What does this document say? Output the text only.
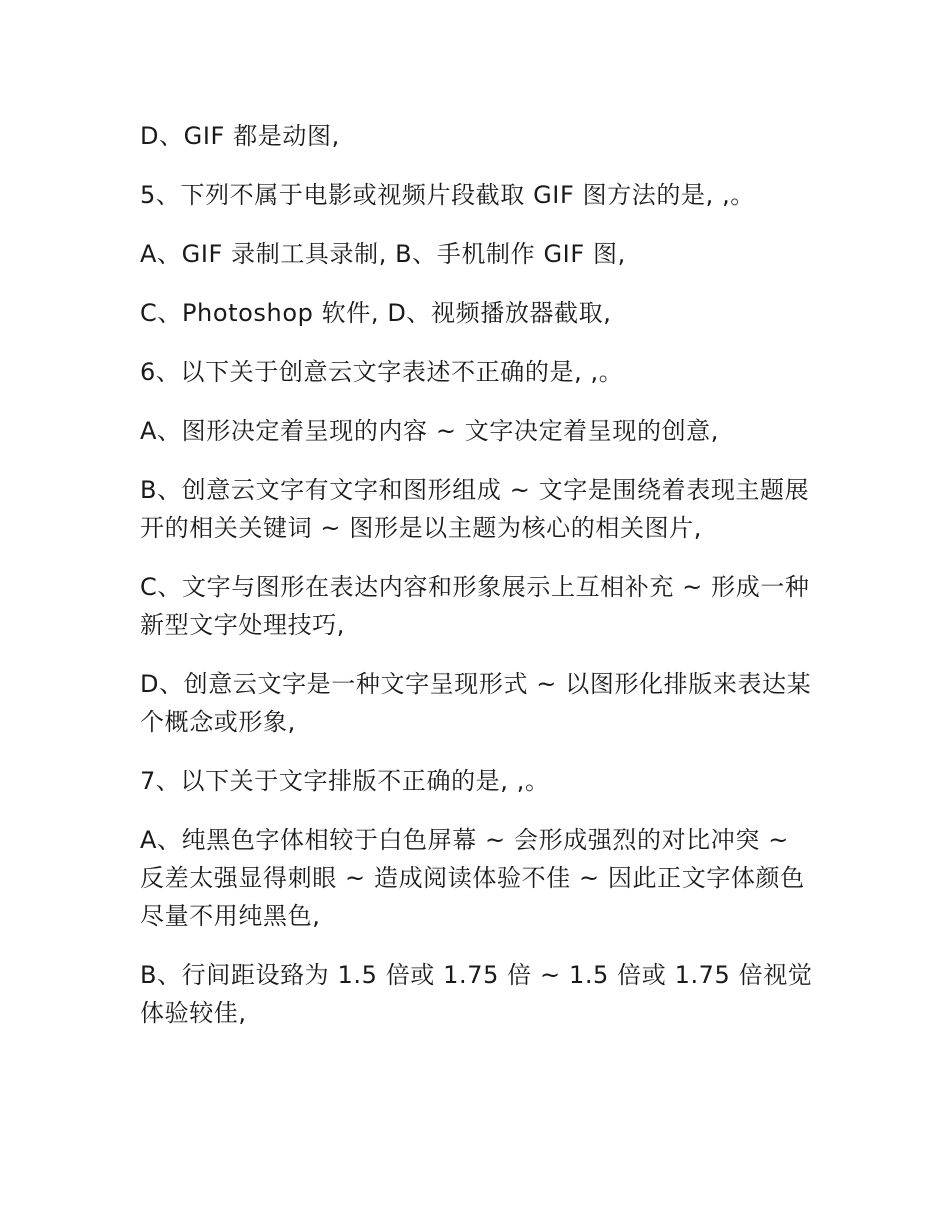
D、GIF 都是动图,

5、下列不属于电影或视频片段截取 GIF 图方法的是, ,。

A、GIF 录制工具录制, B、手机制作 GIF 图,

C、Photoshop 软件, D、视频播放器截取,

6、以下关于创意云文字表述不正确的是, ,。

A、图形决定着呈现的内容 ~ 文字决定着呈现的创意,

B、创意云文字有文字和图形组成 ~ 文字是围绕着表现主题展开的相关关键词 ~ 图形是以主题为核心的相关图片,

C、文字与图形在表达内容和形象展示上互相补充 ~ 形成一种新型文字处理技巧,

D、创意云文字是一种文字呈现形式 ~ 以图形化排版来表达某个概念或形象,

7、以下关于文字排版不正确的是, ,。

A、纯黑色字体相较于白色屏幕 ~ 会形成强烈的对比冲突 ~ 反差太强显得刺眼 ~ 造成阅读体验不佳 ~ 因此正文字体颜色尽量不用纯黑色,

B、行间距设臵为 1.5 倍或 1.75 倍 ~ 1.5 倍或 1.75 倍视觉体验较佳,
